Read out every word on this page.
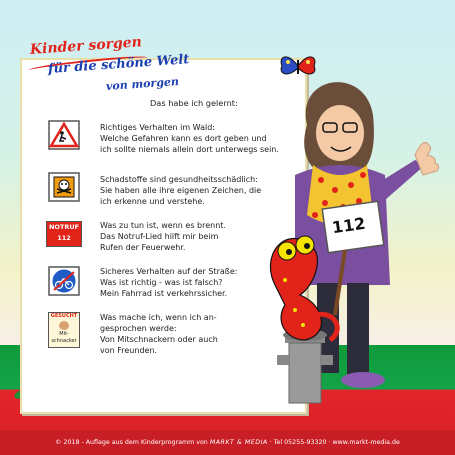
Kinder sorgen
für die schöne Welt
von morgen
Das habe ich gelernt:
Richtiges Verhalten im Wald:
Welche Gefahren kann es dort geben und
ich sollte niemals allein dort unterwegs sein.
Schadstoffe sind gesundheitsschädlich:
Sie haben alle ihre eigenen Zeichen, die
ich erkenne und verstehe.
NOTRUF
112
Was zu tun ist, wenn es brennt.
Das Notruf-Lied hilft mir beim
Rufen der Feuerwehr.
Sicheres Verhalten auf der Straße:
Was ist richtig - was ist falsch?
Mein Fahrrad ist verkehrssicher.
GESUCHT
Mit-
schnacker
Was mache ich, wenn ich an-
gesprochen werde:
Von Mitschnackern oder auch
von Freunden.
112
© 2018 - Auflage aus dem Kinderprogramm von MARKT & MEDIA · Tel 05255-93320 · www.markt-media.de
